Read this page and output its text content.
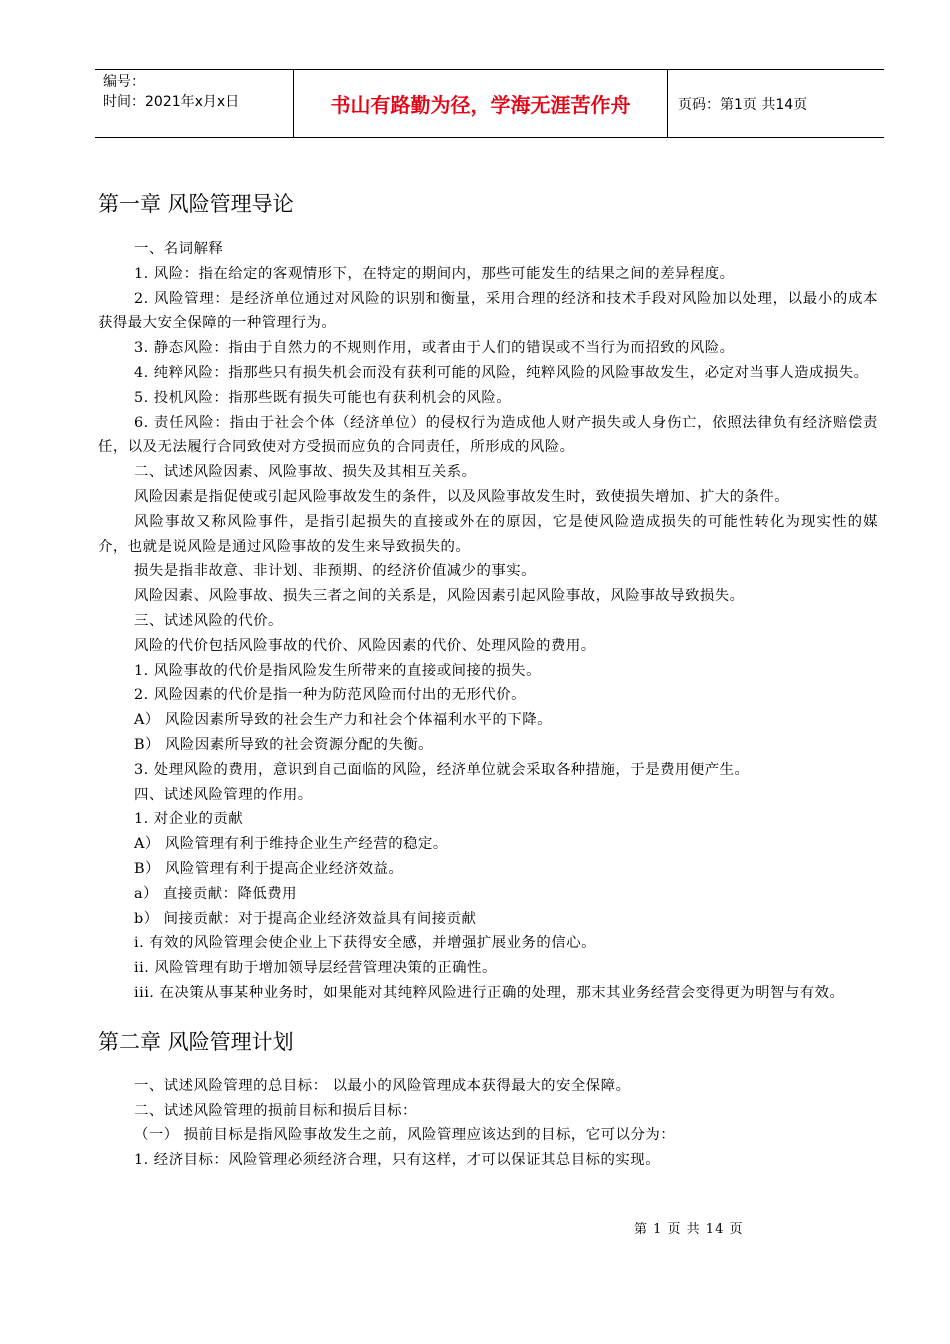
编号：
时间：2021年x月x日	书山有路勤为径，学海无涯苦作舟	页码：第1页 共14页
第一章 风险管理导论
一、名词解释
1. 风险：指在给定的客观情形下，在特定的期间内，那些可能发生的结果之间的差异程度。
2. 风险管理：是经济单位通过对风险的识别和衡量，采用合理的经济和技术手段对风险加以处理，以最小的成本获得最大安全保障的一种管理行为。
3. 静态风险：指由于自然力的不规则作用，或者由于人们的错误或不当行为而招致的风险。
4. 纯粹风险：指那些只有损失机会而没有获利可能的风险，纯粹风险的风险事故发生，必定对当事人造成损失。
5. 投机风险：指那些既有损失可能也有获利机会的风险。
6. 责任风险：指由于社会个体（经济单位）的侵权行为造成他人财产损失或人身伤亡，依照法律负有经济赔偿责任，以及无法履行合同致使对方受损而应负的合同责任，所形成的风险。
二、试述风险因素、风险事故、损失及其相互关系。
风险因素是指促使或引起风险事故发生的条件，以及风险事故发生时，致使损失增加、扩大的条件。
风险事故又称风险事件，是指引起损失的直接或外在的原因，它是使风险造成损失的可能性转化为现实性的媒介，也就是说风险是通过风险事故的发生来导致损失的。
损失是指非故意、非计划、非预期、的经济价值减少的事实。
风险因素、风险事故、损失三者之间的关系是，风险因素引起风险事故，风险事故导致损失。
三、试述风险的代价。
风险的代价包括风险事故的代价、风险因素的代价、处理风险的费用。
1. 风险事故的代价是指风险发生所带来的直接或间接的损失。
2. 风险因素的代价是指一种为防范风险而付出的无形代价。
A） 风险因素所导致的社会生产力和社会个体福利水平的下降。
B） 风险因素所导致的社会资源分配的失衡。
3. 处理风险的费用，意识到自己面临的风险，经济单位就会采取各种措施，于是费用便产生。
四、试述风险管理的作用。
1. 对企业的贡献
A） 风险管理有利于维持企业生产经营的稳定。
B） 风险管理有利于提高企业经济效益。
a） 直接贡献：降低费用
b） 间接贡献：对于提高企业经济效益具有间接贡献
i. 有效的风险管理会使企业上下获得安全感，并增强扩展业务的信心。
ii. 风险管理有助于增加领导层经营管理决策的正确性。
iii. 在决策从事某种业务时，如果能对其纯粹风险进行正确的处理，那末其业务经营会变得更为明智与有效。
第二章 风险管理计划
一、试述风险管理的总目标： 以最小的风险管理成本获得最大的安全保障。
二、试述风险管理的损前目标和损后目标：
（一） 损前目标是指风险事故发生之前，风险管理应该达到的目标，它可以分为：
1. 经济目标：风险管理必须经济合理，只有这样，才可以保证其总目标的实现。
第 1 页 共 14 页
